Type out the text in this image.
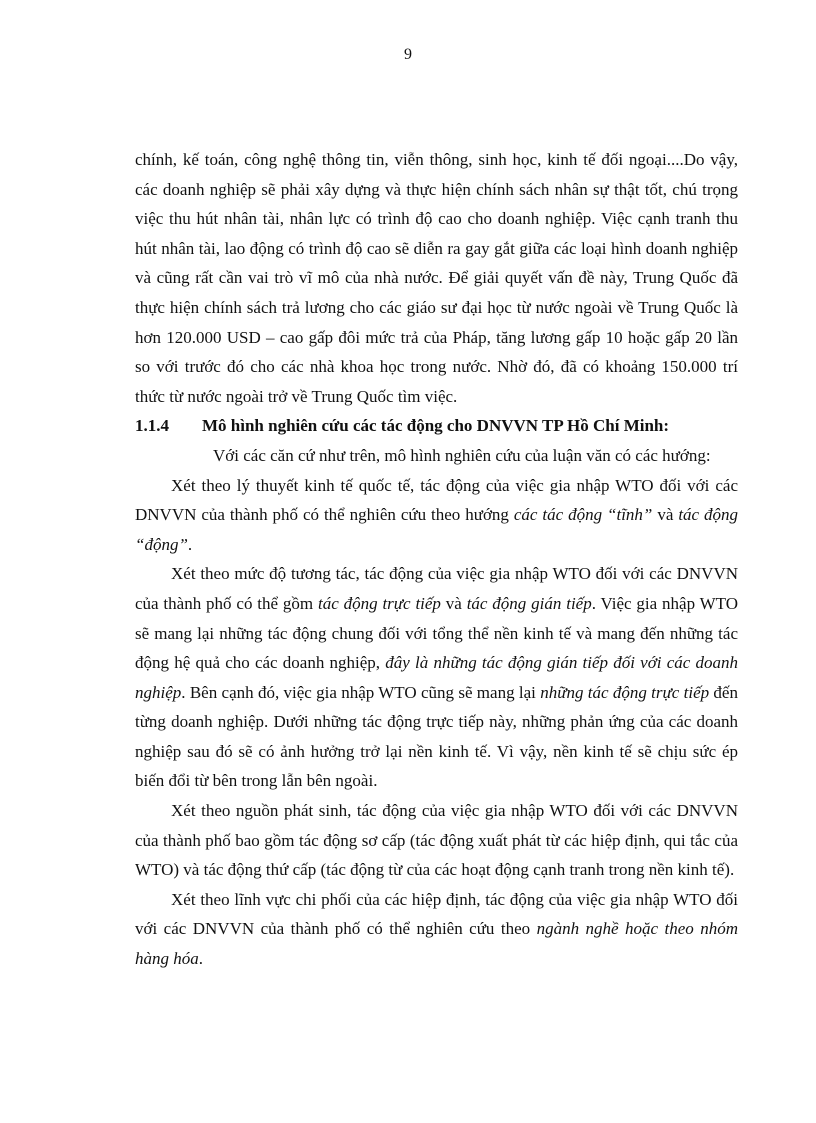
9

chính, kế toán, công nghệ thông tin, viễn thông, sinh học, kinh tế đối ngoại....Do vậy, các doanh nghiệp sẽ phải xây dựng và thực hiện chính sách nhân sự thật tốt, chú trọng việc thu hút nhân tài, nhân lực có trình độ cao cho doanh nghiệp. Việc cạnh tranh thu hút nhân tài, lao động có trình độ cao sẽ diễn ra gay gắt giữa các loại hình doanh nghiệp và cũng rất cần vai trò vĩ mô của nhà nước. Để giải quyết vấn đề này, Trung Quốc đã thực hiện chính sách trả lương cho các giáo sư đại học từ nước ngoài về Trung Quốc là hơn 120.000 USD – cao gấp đôi mức trả của Pháp, tăng lương gấp 10 hoặc gấp 20 lần so với trước đó cho các nhà khoa học trong nước. Nhờ đó, đã có khoảng 150.000 trí thức từ nước ngoài trở về Trung Quốc tìm việc.

1.1.4 Mô hình nghiên cứu các tác động cho DNVVN TP Hồ Chí Minh:

Với các căn cứ như trên, mô hình nghiên cứu của luận văn có các hướng:

Xét theo lý thuyết kinh tế quốc tế, tác động của việc gia nhập WTO đối với các DNVVN của thành phố có thể nghiên cứu theo hướng các tác động “tĩnh” và tác động “động”.

Xét theo mức độ tương tác, tác động của việc gia nhập WTO đối với các DNVVN của thành phố có thể gồm tác động trực tiếp và tác động gián tiếp. Việc gia nhập WTO sẽ mang lại những tác động chung đối với tổng thể nền kinh tế và mang đến những tác động hệ quả cho các doanh nghiệp, đây là những tác động gián tiếp đối với các doanh nghiệp. Bên cạnh đó, việc gia nhập WTO cũng sẽ mang lại những tác động trực tiếp đến từng doanh nghiệp. Dưới những tác động trực tiếp này, những phản ứng của các doanh nghiệp sau đó sẽ có ảnh hưởng trở lại nền kinh tế. Vì vậy, nền kinh tế sẽ chịu sức ép biến đổi từ bên trong lẫn bên ngoài.

Xét theo nguồn phát sinh, tác động của việc gia nhập WTO đối với các DNVVN của thành phố bao gồm tác động sơ cấp (tác động xuất phát từ các hiệp định, qui tắc của WTO) và tác động thứ cấp (tác động từ của các hoạt động cạnh tranh trong nền kinh tế).

Xét theo lĩnh vực chi phối của các hiệp định, tác động của việc gia nhập WTO đối với các DNVVN của thành phố có thể nghiên cứu theo ngành nghề hoặc theo nhóm hàng hóa.
